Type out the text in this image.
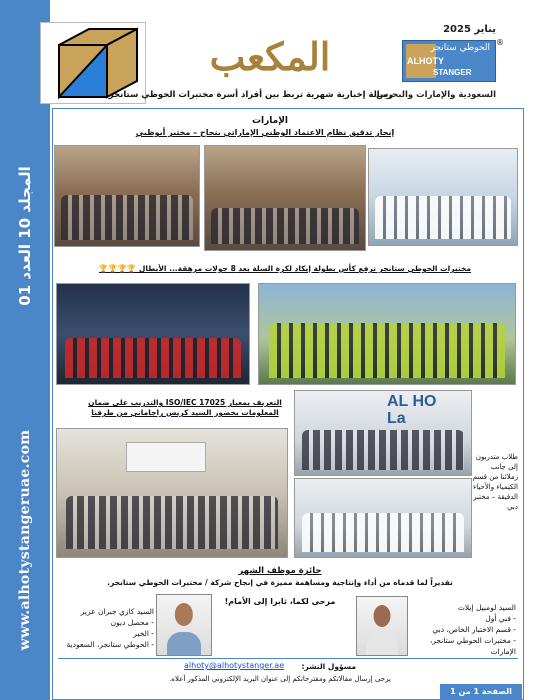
المجلد 10 العدد 01
www.alhotystangeruae.com
المكعب
رسالة إخبارية شهرية تربط بين أفراد أسرة مختبرات الحوطي ستانجر
يناير 2025
الحوطي ستانجر
ALHOTY
STANGER
®
السعودية والإمارات والبحرين
الإمارات
إنجاز تدقيق نظام الاعتماد الوطني الإماراتي بنجاح – مختبر أبوظبي
مختبرات الحوطي ستانجر ترفع كأس بطولة إيكاد لكرة السلة بعد 8 جولات مرهقة... الأبطال 🏆🏆🏆🏆
التعريف بمعيار ISO/IEC 17025 والتدريب على ضمان المعلومات بحضور السيد كريس راجاماني من طرفنا
AL HO
La
طلاب متدربون إلى جانب زملائنا من قسم الكيمياء والأحياء الدقيقة – مختبر دبي
جائزة موظف الشهر
تقديراً لما قدماه من أداء وإنتاجية ومساهمة مميزة في إنجاح شركة / مختبرات الحوطي ستانجر.
مرحى لكما، ثابرا إلى الأمام!
السيد كازي جبران عزيز
- محصل ديون
- الخبر
- الحوطي ستانجر، السعودية
السيد لومبيل إيلات
- فني أول
- قسم الاختبار الخاص، دبي
- مختبرات الحوطي ستانجر، الإمارات
مسؤول النشر:
alhoty@alhotystanger.ae
يرجى إرسال مقالاتكم ومقترحاتكم إلى عنوان البريد الإلكتروني المذكور أعلاه.
الصفحة 1 من 1
